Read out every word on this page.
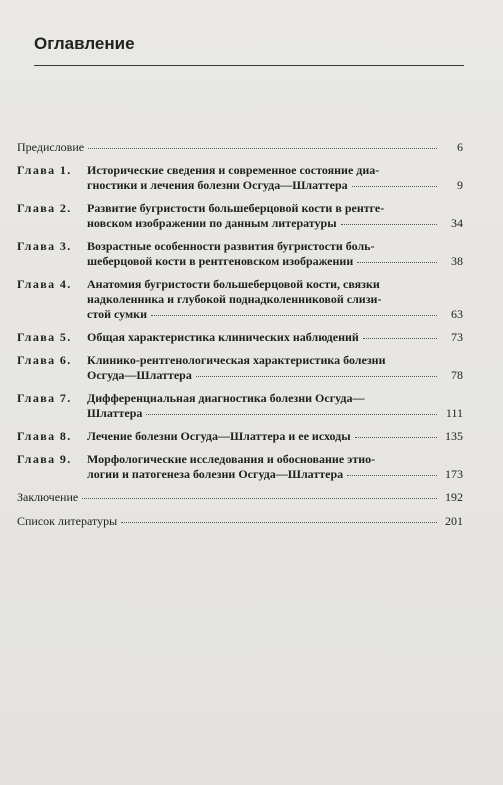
Оглавление
Предисловие	6
Глава 1.	Исторические сведения и современное состояние диа-
гностики и лечения болезни Осгуда—Шлаттера	9
Глава 2.	Развитие бугристости большеберцовой кости в рентге-
новском изображении по данным литературы	34
Глава 3.	Возрастные особенности развития бугристости боль-
шеберцовой кости в рентгеновском изображении	38
Глава 4.	Анатомия бугристости большеберцовой кости, связки
надколенника и глубокой поднадколенниковой слизи-
стой сумки	63
Глава 5.	Общая характеристика клинических наблюдений	73
Глава 6.	Клинико-рентгенологическая характеристика болезни
Осгуда—Шлаттера	78
Глава 7.	Дифференциальная диагностика болезни Осгуда—
Шлаттера	111
Глава 8.	Лечение болезни Осгуда—Шлаттера и ее исходы	135
Глава 9.	Морфологические исследования и обоснование этио-
логии и патогенеза болезни Осгуда—Шлаттера	173
Заключение	192
Список литературы	201
